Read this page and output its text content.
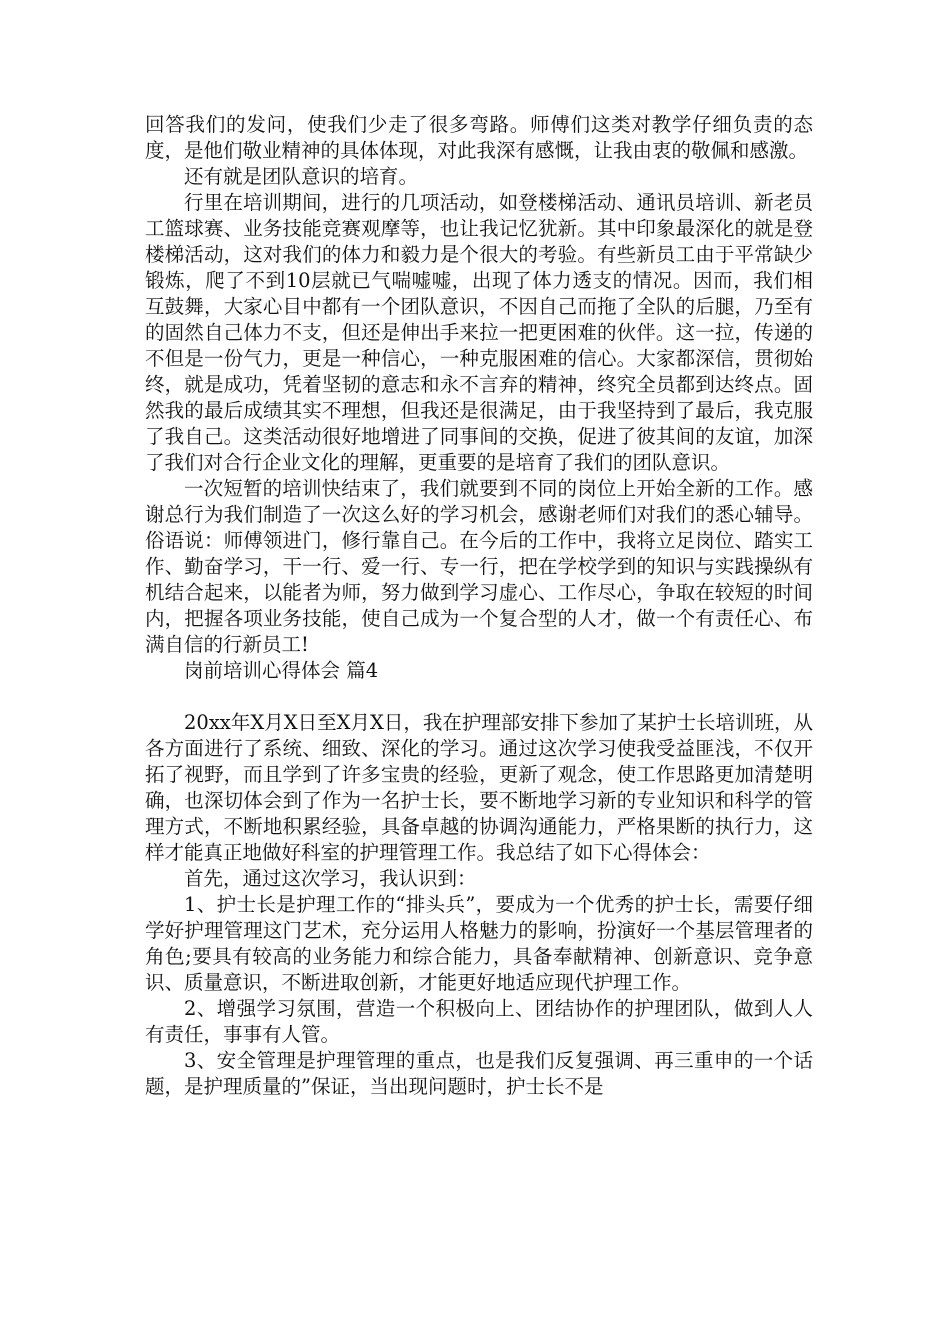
回答我们的发问，使我们少走了很多弯路。师傅们这类对教学仔细负责的态度，是他们敬业精神的具体体现，对此我深有感慨，让我由衷的敬佩和感激。

还有就是团队意识的培育。

行里在培训期间，进行的几项活动，如登楼梯活动、通讯员培训、新老员工篮球赛、业务技能竞赛观摩等，也让我记忆犹新。其中印象最深化的就是登楼梯活动，这对我们的体力和毅力是个很大的考验。有些新员工由于平常缺少锻炼，爬了不到10层就已气喘嘘嘘，出现了体力透支的情况。因而，我们相互鼓舞，大家心目中都有一个团队意识，不因自己而拖了全队的后腿，乃至有的固然自己体力不支，但还是伸出手来拉一把更困难的伙伴。这一拉，传递的不但是一份气力，更是一种信心，一种克服困难的信心。大家都深信，贯彻始终，就是成功，凭着坚韧的意志和永不言弃的精神，终究全员都到达终点。固然我的最后成绩其实不理想，但我还是很满足，由于我坚持到了最后，我克服了我自己。这类活动很好地增进了同事间的交换，促进了彼其间的友谊，加深了我们对合行企业文化的理解，更重要的是培育了我们的团队意识。

一次短暂的培训快结束了，我们就要到不同的岗位上开始全新的工作。感谢总行为我们制造了一次这么好的学习机会，感谢老师们对我们的悉心辅导。俗语说：师傅领进门，修行靠自己。在今后的工作中，我将立足岗位、踏实工作、勤奋学习，干一行、爱一行、专一行，把在学校学到的知识与实践操纵有机结合起来，以能者为师，努力做到学习虚心、工作尽心，争取在较短的时间内，把握各项业务技能，使自己成为一个复合型的人才，做一个有责任心、布满自信的行新员工!

岗前培训心得体会 篇4

20xx年X月X日至X月X日，我在护理部安排下参加了某护士长培训班，从各方面进行了系统、细致、深化的学习。通过这次学习使我受益匪浅，不仅开拓了视野，而且学到了许多宝贵的经验，更新了观念，使工作思路更加清楚明确，也深切体会到了作为一名护士长，要不断地学习新的专业知识和科学的管理方式，不断地积累经验，具备卓越的协调沟通能力，严格果断的执行力，这样才能真正地做好科室的护理管理工作。我总结了如下心得体会：

首先，通过这次学习，我认识到：

1、护士长是护理工作的“排头兵”，要成为一个优秀的护士长，需要仔细学好护理管理这门艺术，充分运用人格魅力的影响，扮演好一个基层管理者的角色;要具有较高的业务能力和综合能力，具备奉献精神、创新意识、竞争意识、质量意识，不断进取创新，才能更好地适应现代护理工作。

2、增强学习氛围，营造一个积极向上、团结协作的护理团队，做到人人有责任，事事有人管。

3、安全管理是护理管理的重点，也是我们反复强调、再三重申的一个话题，是护理质量的”保证，当出现问题时，护士长不是
